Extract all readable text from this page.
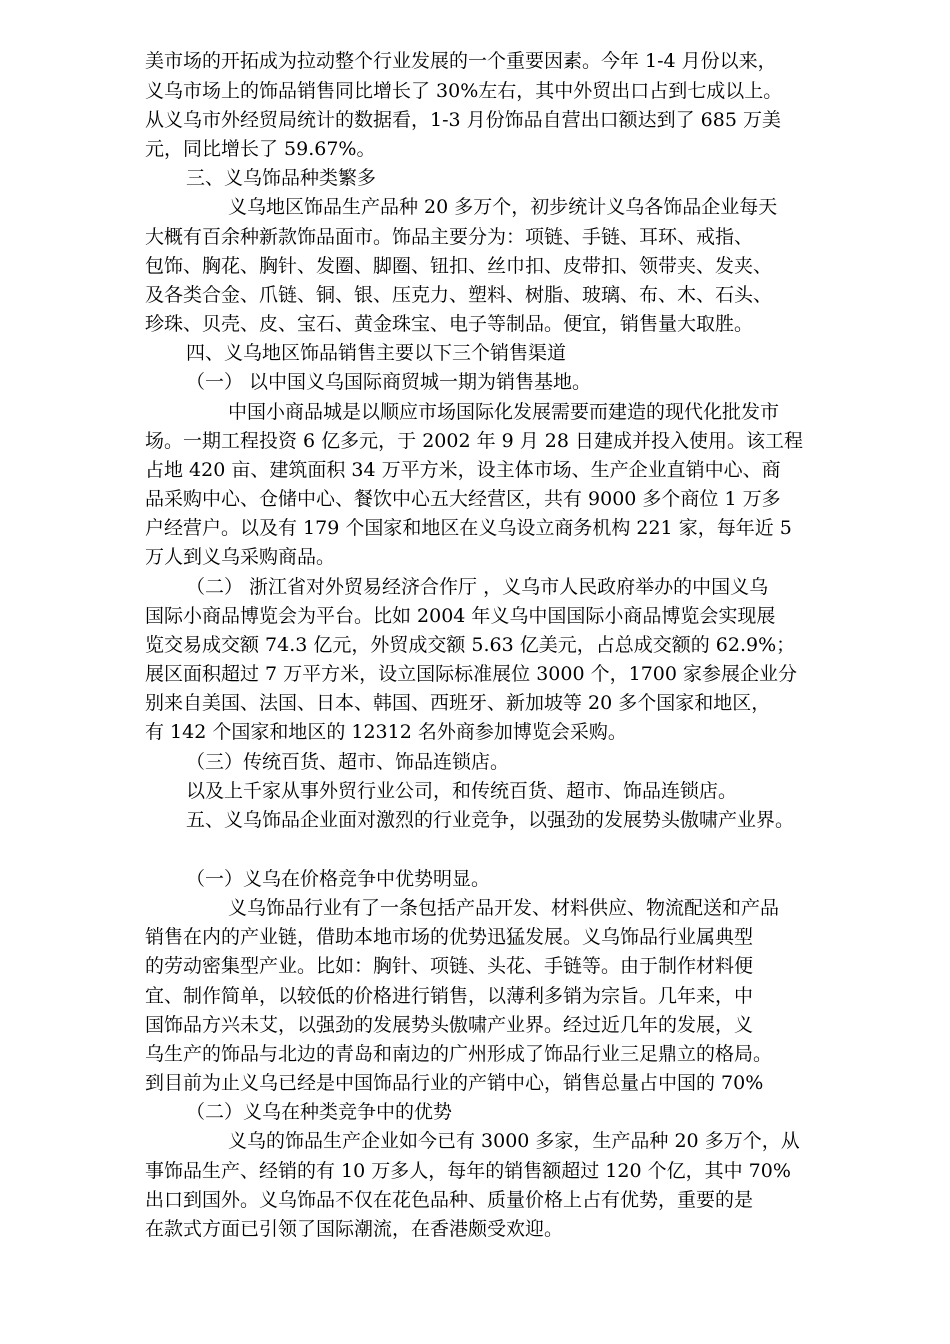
美市场的开拓成为拉动整个行业发展的一个重要因素。今年 1-4 月份以来，
义乌市场上的饰品销售同比增长了 30%左右，其中外贸出口占到七成以上。
从义乌市外经贸局统计的数据看，1-3 月份饰品自营出口额达到了 685 万美
元，同比增长了 59.67%。
三、义乌饰品种类繁多
义乌地区饰品生产品种 20 多万个，初步统计义乌各饰品企业每天
大概有百余种新款饰品面市。饰品主要分为：项链、手链、耳环、戒指、
包饰、胸花、胸针、发圈、脚圈、钮扣、丝巾扣、皮带扣、领带夹、发夹、
及各类合金、爪链、铜、银、压克力、塑料、树脂、玻璃、布、木、石头、
珍珠、贝壳、皮、宝石、黄金珠宝、电子等制品。便宜，销售量大取胜。
四、义乌地区饰品销售主要以下三个销售渠道
（一） 以中国义乌国际商贸城一期为销售基地。
中国小商品城是以顺应市场国际化发展需要而建造的现代化批发市
场。一期工程投资 6 亿多元，于 2002 年 9 月 28 日建成并投入使用。该工程
占地 420 亩、建筑面积 34 万平方米，设主体市场、生产企业直销中心、商
品采购中心、仓储中心、餐饮中心五大经营区，共有 9000 多个商位 1 万多
户经营户。以及有 179 个国家和地区在义乌设立商务机构 221 家，每年近 5
万人到义乌采购商品。
（二） 浙江省对外贸易经济合作厅 ，义乌市人民政府举办的中国义乌
国际小商品博览会为平台。比如 2004 年义乌中国国际小商品博览会实现展
览交易成交额 74.3 亿元，外贸成交额 5.63 亿美元，占总成交额的 62.9%；
展区面积超过 7 万平方米，设立国际标准展位 3000 个，1700 家参展企业分
别来自美国、法国、日本、韩国、西班牙、新加坡等 20 多个国家和地区，
有 142 个国家和地区的 12312 名外商参加博览会采购。
（三）传统百货、超市、饰品连锁店。
以及上千家从事外贸行业公司，和传统百货、超市、饰品连锁店。
五、义乌饰品企业面对激烈的行业竞争，以强劲的发展势头傲啸产业界。
（一）义乌在价格竞争中优势明显。
义乌饰品行业有了一条包括产品开发、材料供应、物流配送和产品
销售在内的产业链，借助本地市场的优势迅猛发展。义乌饰品行业属典型
的劳动密集型产业。比如：胸针、项链、头花、手链等。由于制作材料便
宜、制作简单，以较低的价格进行销售，以薄利多销为宗旨。几年来，中
国饰品方兴未艾，以强劲的发展势头傲啸产业界。经过近几年的发展，义
乌生产的饰品与北边的青岛和南边的广州形成了饰品行业三足鼎立的格局。
到目前为止义乌已经是中国饰品行业的产销中心，销售总量占中国的 70%
（二）义乌在种类竞争中的优势
义乌的饰品生产企业如今已有 3000 多家，生产品种 20 多万个，从
事饰品生产、经销的有 10 万多人，每年的销售额超过 120 个亿，其中 70%
出口到国外。义乌饰品不仅在花色品种、质量价格上占有优势，重要的是
在款式方面已引领了国际潮流，在香港颇受欢迎。
